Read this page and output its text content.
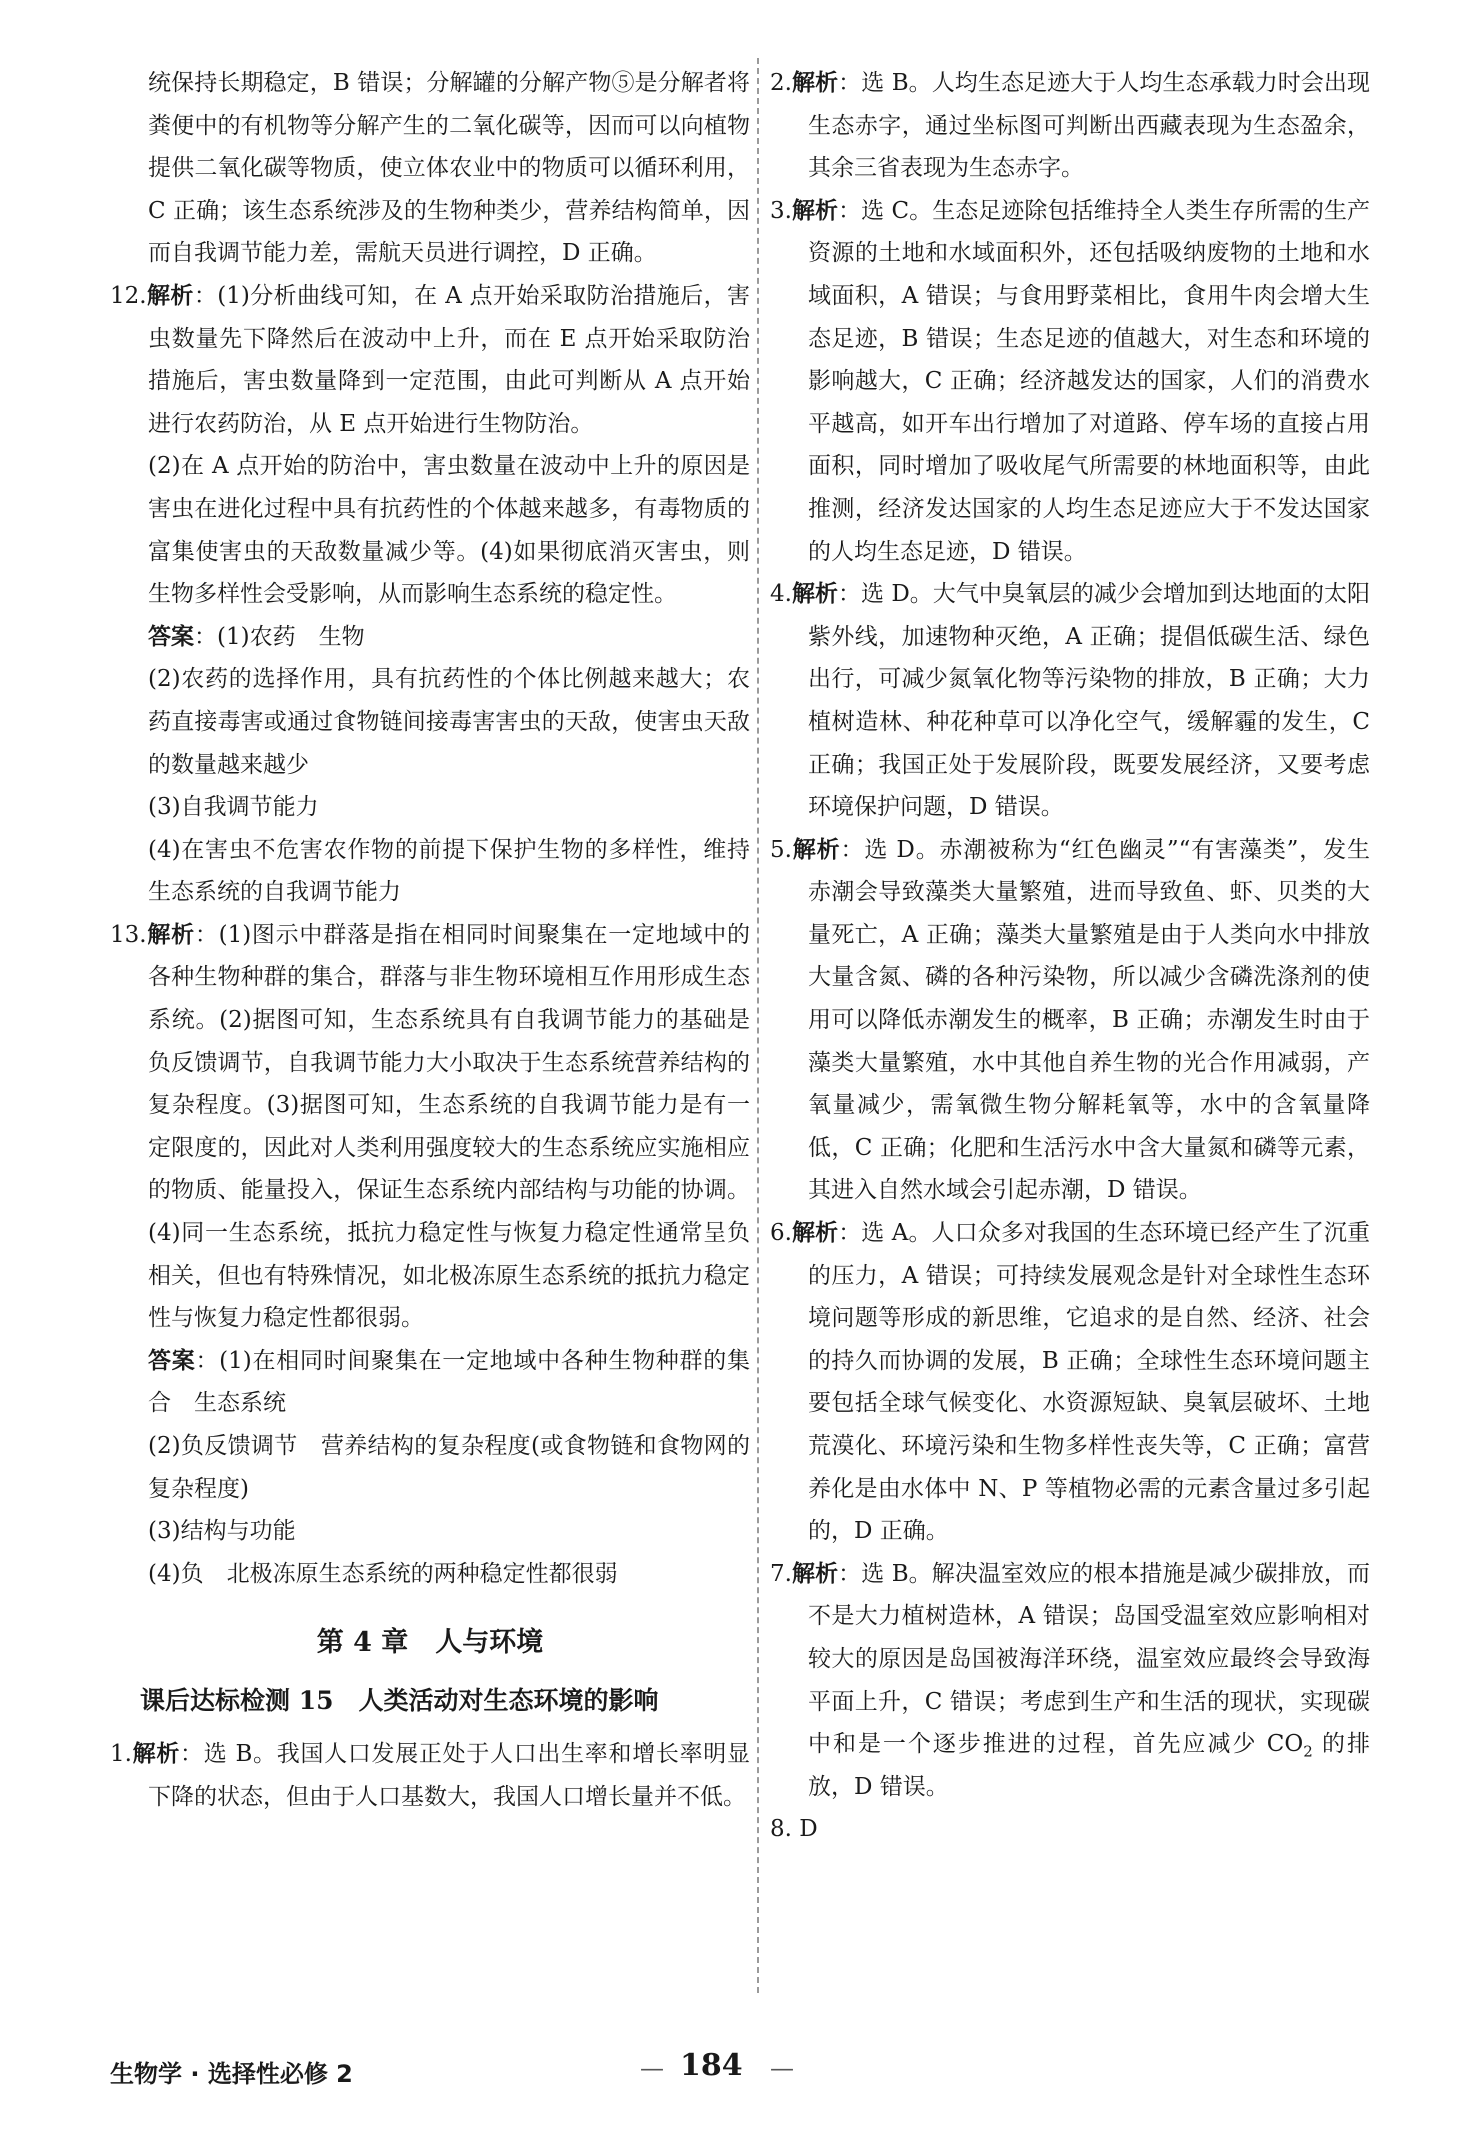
统保持长期稳定，B 错误；分解罐的分解产物⑤是分解者将粪便中的有机物等分解产生的二氧化碳等，因而可以向植物提供二氧化碳等物质，使立体农业中的物质可以循环利用，C 正确；该生态系统涉及的生物种类少，营养结构简单，因而自我调节能力差，需航天员进行调控，D 正确。

12.解析：(1)分析曲线可知，在 A 点开始采取防治措施后，害虫数量先下降然后在波动中上升，而在 E 点开始采取防治措施后，害虫数量降到一定范围，由此可判断从 A 点开始进行农药防治，从 E 点开始进行生物防治。

(2)在 A 点开始的防治中，害虫数量在波动中上升的原因是害虫在进化过程中具有抗药性的个体越来越多，有毒物质的富集使害虫的天敌数量减少等。(4)如果彻底消灭害虫，则生物多样性会受影响，从而影响生态系统的稳定性。

答案：(1)农药　生物

(2)农药的选择作用，具有抗药性的个体比例越来越大；农药直接毒害或通过食物链间接毒害害虫的天敌，使害虫天敌的数量越来越少

(3)自我调节能力

(4)在害虫不危害农作物的前提下保护生物的多样性，维持生态系统的自我调节能力

13.解析：(1)图示中群落是指在相同时间聚集在一定地域中的各种生物种群的集合，群落与非生物环境相互作用形成生态系统。(2)据图可知，生态系统具有自我调节能力的基础是负反馈调节，自我调节能力大小取决于生态系统营养结构的复杂程度。(3)据图可知，生态系统的自我调节能力是有一定限度的，因此对人类利用强度较大的生态系统应实施相应的物质、能量投入，保证生态系统内部结构与功能的协调。(4)同一生态系统，抵抗力稳定性与恢复力稳定性通常呈负相关，但也有特殊情况，如北极冻原生态系统的抵抗力稳定性与恢复力稳定性都很弱。

答案：(1)在相同时间聚集在一定地域中各种生物种群的集合　生态系统

(2)负反馈调节　营养结构的复杂程度(或食物链和食物网的复杂程度)

(3)结构与功能

(4)负　北极冻原生态系统的两种稳定性都很弱

第 4 章　人与环境
课后达标检测 15　人类活动对生态环境的影响

1.解析：选 B。我国人口发展正处于人口出生率和增长率明显下降的状态，但由于人口基数大，我国人口增长量并不低。

2.解析：选 B。人均生态足迹大于人均生态承载力时会出现生态赤字，通过坐标图可判断出西藏表现为生态盈余，其余三省表现为生态赤字。

3.解析：选 C。生态足迹除包括维持全人类生存所需的生产资源的土地和水域面积外，还包括吸纳废物的土地和水域面积，A 错误；与食用野菜相比，食用牛肉会增大生态足迹，B 错误；生态足迹的值越大，对生态和环境的影响越大，C 正确；经济越发达的国家，人们的消费水平越高，如开车出行增加了对道路、停车场的直接占用面积，同时增加了吸收尾气所需要的林地面积等，由此推测，经济发达国家的人均生态足迹应大于不发达国家的人均生态足迹，D 错误。

4.解析：选 D。大气中臭氧层的减少会增加到达地面的太阳紫外线，加速物种灭绝，A 正确；提倡低碳生活、绿色出行，可减少氮氧化物等污染物的排放，B 正确；大力植树造林、种花种草可以净化空气，缓解霾的发生，C 正确；我国正处于发展阶段，既要发展经济，又要考虑环境保护问题，D 错误。

5.解析：选 D。赤潮被称为“红色幽灵”“有害藻类”，发生赤潮会导致藻类大量繁殖，进而导致鱼、虾、贝类的大量死亡，A 正确；藻类大量繁殖是由于人类向水中排放大量含氮、磷的各种污染物，所以减少含磷洗涤剂的使用可以降低赤潮发生的概率，B 正确；赤潮发生时由于藻类大量繁殖，水中其他自养生物的光合作用减弱，产氧量减少，需氧微生物分解耗氧等，水中的含氧量降低，C 正确；化肥和生活污水中含大量氮和磷等元素，其进入自然水域会引起赤潮，D 错误。

6.解析：选 A。人口众多对我国的生态环境已经产生了沉重的压力，A 错误；可持续发展观念是针对全球性生态环境问题等形成的新思维，它追求的是自然、经济、社会的持久而协调的发展，B 正确；全球性生态环境问题主要包括全球气候变化、水资源短缺、臭氧层破坏、土地荒漠化、环境污染和生物多样性丧失等，C 正确；富营养化是由水体中 N、P 等植物必需的元素含量过多引起的，D 正确。

7.解析：选 B。解决温室效应的根本措施是减少碳排放，而不是大力植树造林，A 错误；岛国受温室效应影响相对较大的原因是岛国被海洋环绕，温室效应最终会导致海平面上升，C 错误；考虑到生产和生活的现状，实现碳中和是一个逐步推进的过程，首先应减少 $CO_2$ 的排放，D 错误。

8. D

生物学 · 选择性必修 2	— 184 —
